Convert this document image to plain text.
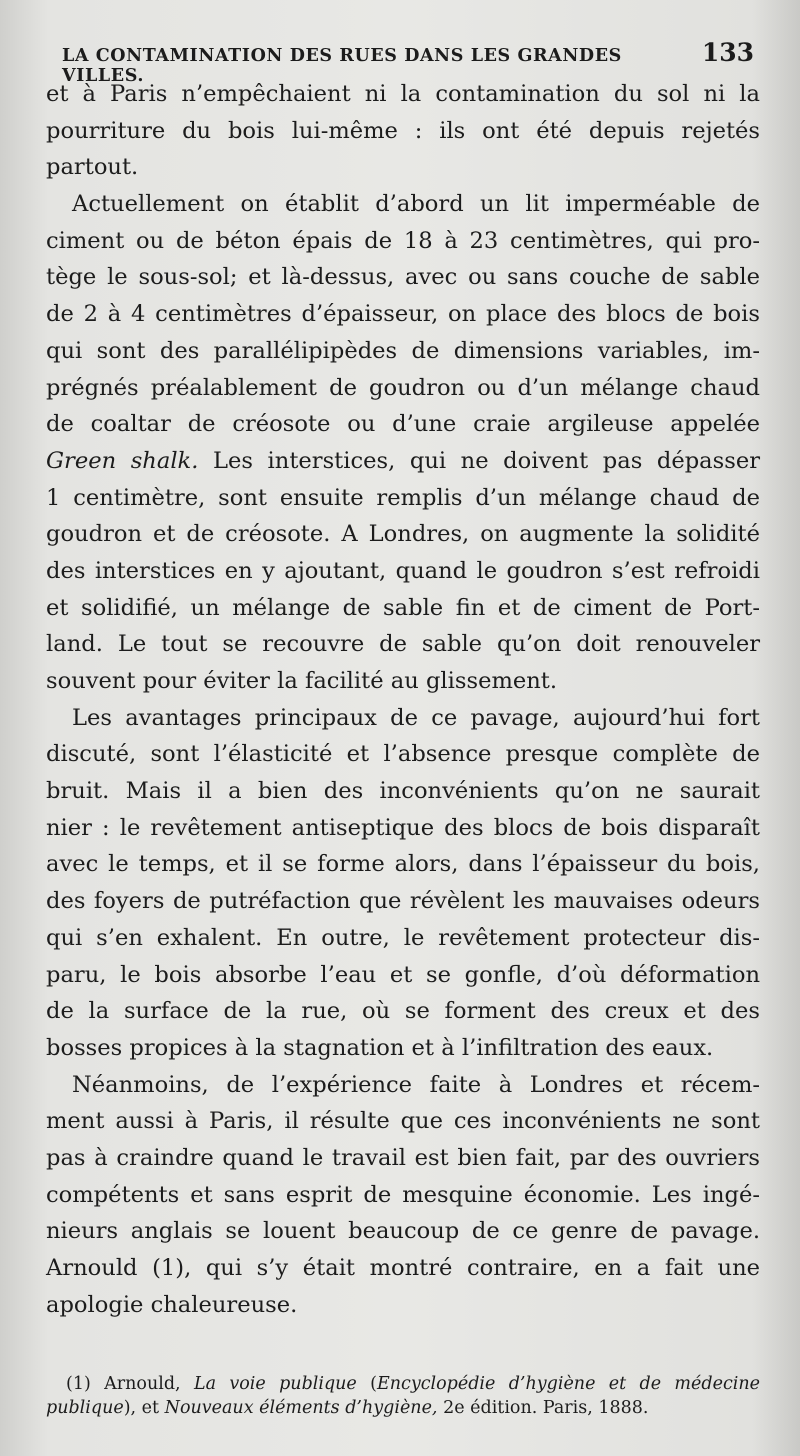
LA CONTAMINATION DES RUES DANS LES GRANDES VILLES.
133
et à Paris n’empêchaient ni la contamination du sol ni la
pourriture du bois lui-même : ils ont été depuis rejetés
partout.
Actuellement on établit d’abord un lit imperméable de
ciment ou de béton épais de 18 à 23 centimètres, qui pro-
tège le sous-sol; et là-dessus, avec ou sans couche de sable
de 2 à 4 centimètres d’épaisseur, on place des blocs de bois
qui sont des parallélipipèdes de dimensions variables, im-
prégnés préalablement de goudron ou d’un mélange chaud
de coaltar de créosote ou d’une craie argileuse appelée
Green shalk. Les interstices, qui ne doivent pas dépasser
1 centimètre, sont ensuite remplis d’un mélange chaud de
goudron et de créosote. A Londres, on augmente la solidité
des interstices en y ajoutant, quand le goudron s’est refroidi
et solidifié, un mélange de sable fin et de ciment de Port-
land. Le tout se recouvre de sable qu’on doit renouveler
souvent pour éviter la facilité au glissement.
Les avantages principaux de ce pavage, aujourd’hui fort
discuté, sont l’élasticité et l’absence presque complète de
bruit. Mais il a bien des inconvénients qu’on ne saurait
nier : le revêtement antiseptique des blocs de bois disparaît
avec le temps, et il se forme alors, dans l’épaisseur du bois,
des foyers de putréfaction que révèlent les mauvaises odeurs
qui s’en exhalent. En outre, le revêtement protecteur dis-
paru, le bois absorbe l’eau et se gonfle, d’où déformation
de la surface de la rue, où se forment des creux et des
bosses propices à la stagnation et à l’infiltration des eaux.
Néanmoins, de l’expérience faite à Londres et récem-
ment aussi à Paris, il résulte que ces inconvénients ne sont
pas à craindre quand le travail est bien fait, par des ouvriers
compétents et sans esprit de mesquine économie. Les ingé-
nieurs anglais se louent beaucoup de ce genre de pavage.
Arnould (1), qui s’y était montré contraire, en a fait une
apologie chaleureuse.
(1) Arnould, La voie publique (Encyclopédie d’hygiène et de médecine
publique), et Nouveaux éléments d’hygiène, 2e édition. Paris, 1888.
